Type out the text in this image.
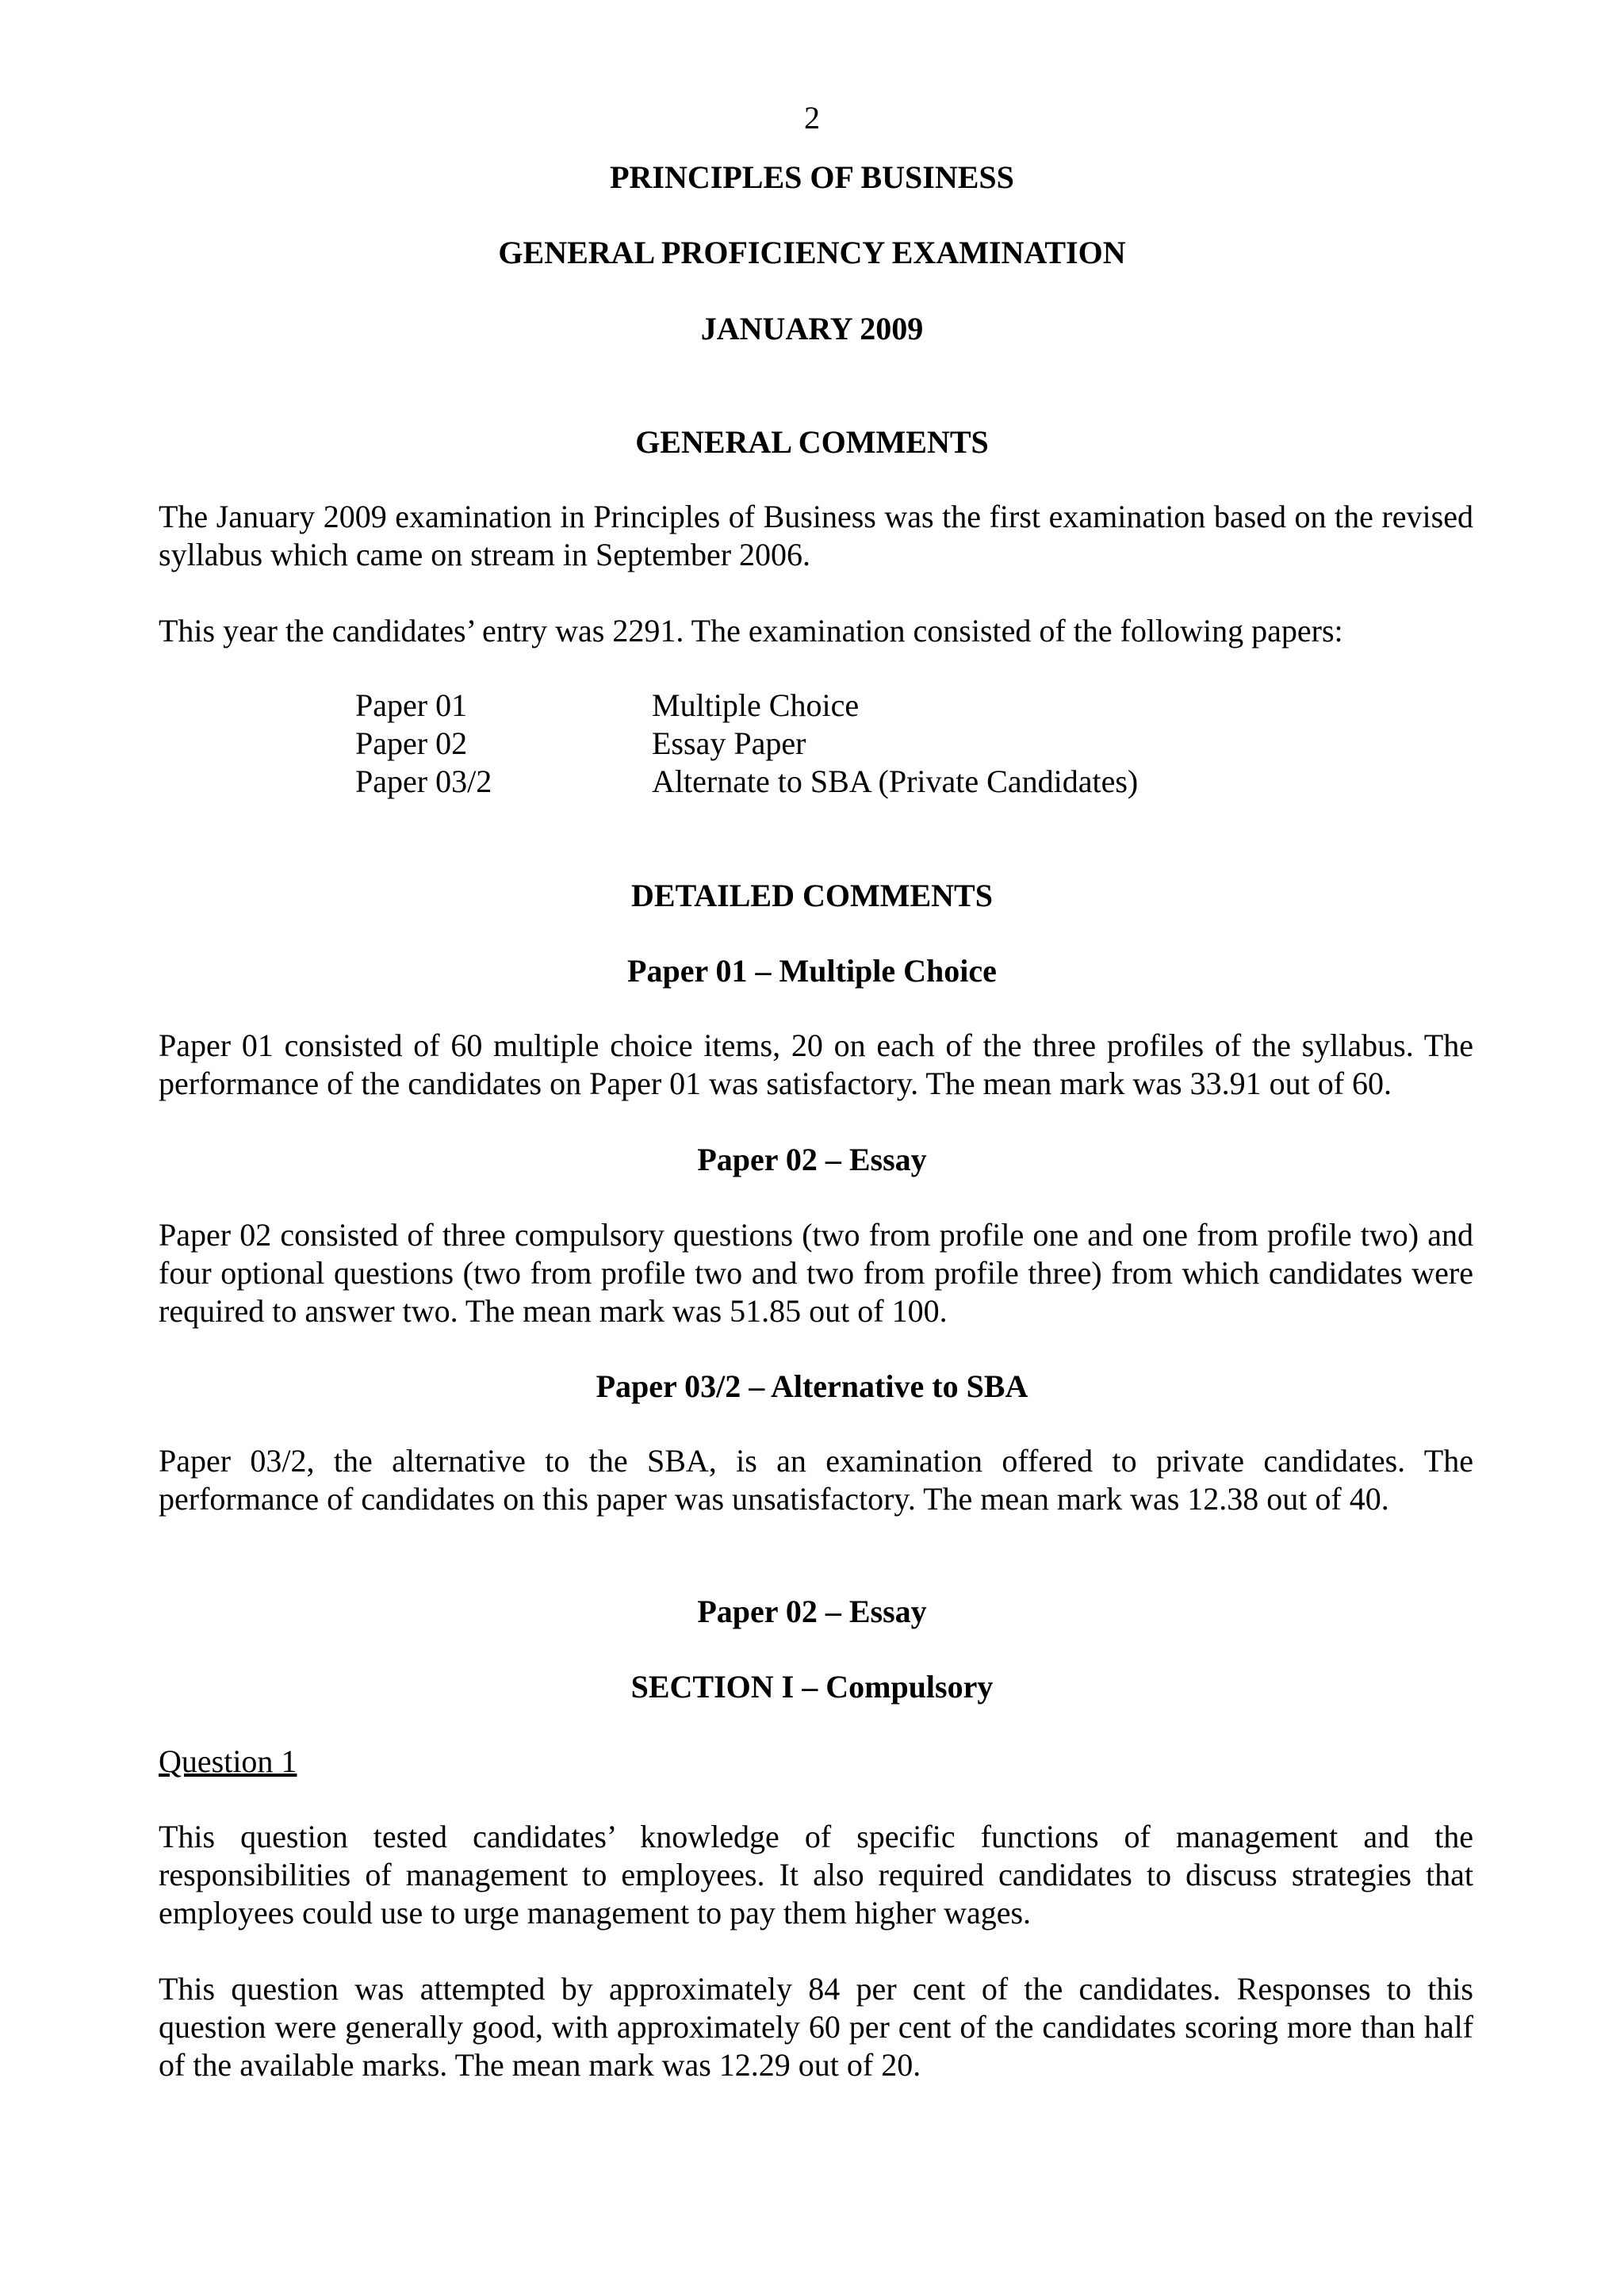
2
PRINCIPLES OF BUSINESS
GENERAL PROFICIENCY EXAMINATION
JANUARY 2009
GENERAL COMMENTS

The January 2009 examination in Principles of Business was the first examination based on the revised syllabus which came on stream in September 2006.

This year the candidates’ entry was 2291. The examination consisted of the following papers:

Paper 01	Multiple Choice
Paper 02	Essay Paper
Paper 03/2	Alternate to SBA (Private Candidates)
DETAILED COMMENTS
Paper 01 – Multiple Choice

Paper 01 consisted of 60 multiple choice items, 20 on each of the three profiles of the syllabus. The performance of the candidates on Paper 01 was satisfactory. The mean mark was 33.91 out of 60.

Paper 02 – Essay

Paper 02 consisted of three compulsory questions (two from profile one and one from profile two) and four optional questions (two from profile two and two from profile three) from which candidates were required to answer two. The mean mark was 51.85 out of 100.

Paper 03/2 – Alternative to SBA

Paper 03/2, the alternative to the SBA, is an examination offered to private candidates. The performance of candidates on this paper was unsatisfactory. The mean mark was 12.38 out of 40.

Paper 02 – Essay
SECTION I – Compulsory
Question 1

This question tested candidates’ knowledge of specific functions of management and the responsibilities of management to employees. It also required candidates to discuss strategies that employees could use to urge management to pay them higher wages.

This question was attempted by approximately 84 per cent of the candidates. Responses to this question were generally good, with approximately 60 per cent of the candidates scoring more than half of the available marks. The mean mark was 12.29 out of 20.
